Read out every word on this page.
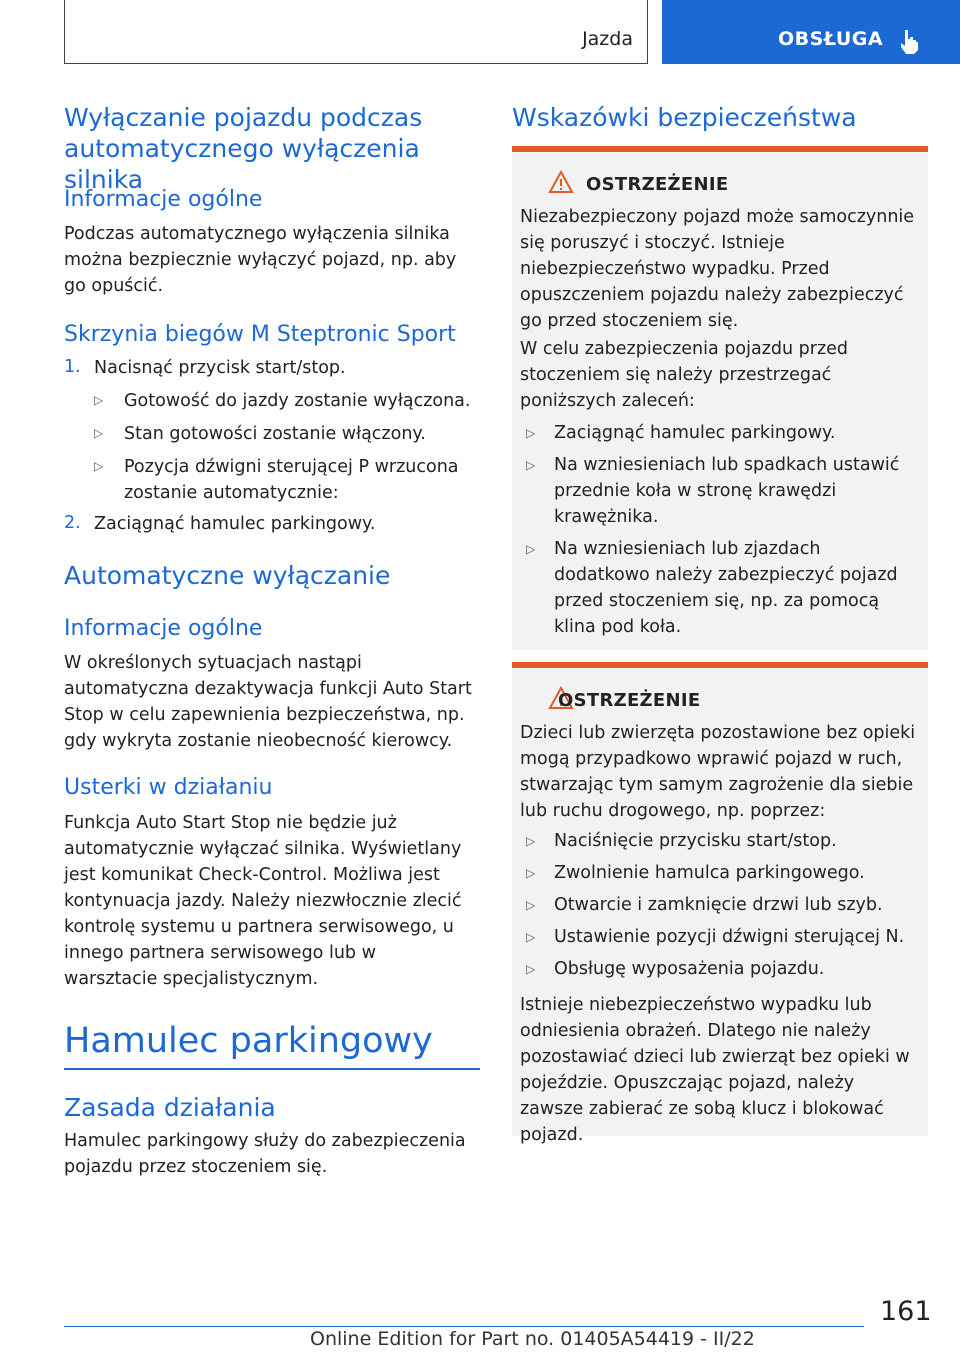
Jazda	OBSŁUGA
Wyłączanie pojazdu podczas automatycznego wyłączenia silnika
Informacje ogólne
Podczas automatycznego wyłączenia silnika można bezpiecznie wyłączyć pojazd, np. aby go opuścić.
Skrzynia biegów M Steptronic Sport
1. Nacisnąć przycisk start/stop.
▷ Gotowość do jazdy zostanie wyłączona.
▷ Stan gotowości zostanie włączony.
▷ Pozycja dźwigni sterującej P wrzucona zostanie automatycznie:
2. Zaciągnąć hamulec parkingowy.
Automatyczne wyłączanie
Informacje ogólne
W określonych sytuacjach nastąpi automatyczna dezaktywacja funkcji Auto Start Stop w celu zapewnienia bezpieczeństwa, np. gdy wykryta zostanie nieobecność kierowcy.
Usterki w działaniu
Funkcja Auto Start Stop nie będzie już automatycznie wyłączać silnika. Wyświetlany jest komunikat Check-Control. Możliwa jest kontynuacja jazdy. Należy niezwłocznie zlecić kontrolę systemu u partnera serwisowego, u innego partnera serwisowego lub w warsztacie specjalistycznym.
Hamulec parkingowy
Zasada działania
Hamulec parkingowy służy do zabezpieczenia pojazdu przez stoczeniem się.
Wskazówki bezpieczeństwa
OSTRZEŻENIE
Niezabezpieczony pojazd może samoczynnie się poruszyć i stoczyć. Istnieje niebezpieczeństwo wypadku. Przed opuszczeniem pojazdu należy zabezpieczyć go przed stoczeniem się.
W celu zabezpieczenia pojazdu przed stoczeniem się należy przestrzegać poniższych zaleceń:
▷ Zaciągnąć hamulec parkingowy.
▷ Na wzniesieniach lub spadkach ustawić przednie koła w stronę krawędzi krawężnika.
▷ Na wzniesieniach lub zjazdach dodatkowo należy zabezpieczyć pojazd przed stoczeniem się, np. za pomocą klina pod koła.
OSTRZEŻENIE
Dzieci lub zwierzęta pozostawione bez opieki mogą przypadkowo wprawić pojazd w ruch, stwarzając tym samym zagrożenie dla siebie lub ruchu drogowego, np. poprzez:
▷ Naciśnięcie przycisku start/stop.
▷ Zwolnienie hamulca parkingowego.
▷ Otwarcie i zamknięcie drzwi lub szyb.
▷ Ustawienie pozycji dźwigni sterującej N.
▷ Obsługę wyposażenia pojazdu.
Istnieje niebezpieczeństwo wypadku lub odniesienia obrażeń. Dlatego nie należy pozostawiać dzieci lub zwierząt bez opieki w pojeździe. Opuszczając pojazd, należy zawsze zabierać ze sobą klucz i blokować pojazd.
161
Online Edition for Part no. 01405A54419 - II/22
